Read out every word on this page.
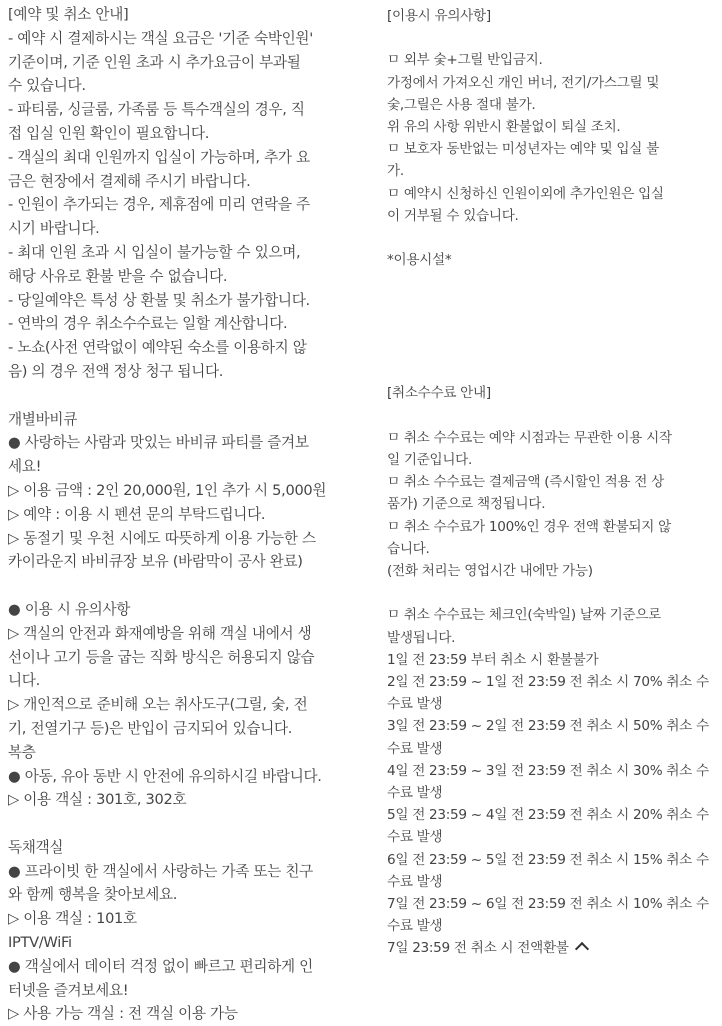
[예약 및 취소 안내]
- 예약 시 결제하시는 객실 요금은 '기준 숙박인원'
기준이며, 기준 인원 초과 시 추가요금이 부과될
수 있습니다.
- 파티룸, 싱글룸, 가족룸 등 특수객실의 경우, 직
접 입실 인원 확인이 필요합니다.
- 객실의 최대 인원까지 입실이 가능하며, 추가 요
금은 현장에서 결제해 주시기 바랍니다.
- 인원이 추가되는 경우, 제휴점에 미리 연락을 주
시기 바랍니다.
- 최대 인원 초과 시 입실이 불가능할 수 있으며,
해당 사유로 환불 받을 수 없습니다.
- 당일예약은 특성 상 환불 및 취소가 불가합니다.
- 연박의 경우 취소수수료는 일할 계산합니다.
- 노쇼(사전 연락없이 예약된 숙소를 이용하지 않
음) 의 경우 전액 정상 청구 됩니다.
개별바비큐
● 사랑하는 사람과 맛있는 바비큐 파티를 즐겨보
세요!
▷ 이용 금액 : 2인 20,000원, 1인 추가 시 5,000원
▷ 예약 : 이용 시 펜션 문의 부탁드립니다.
▷ 동절기 및 우천 시에도 따뜻하게 이용 가능한 스
카이라운지 바비큐장 보유 (바람막이 공사 완료)
● 이용 시 유의사항
▷ 객실의 안전과 화재예방을 위해 객실 내에서 생
선이나 고기 등을 굽는 직화 방식은 허용되지 않습
니다.
▷ 개인적으로 준비해 오는 취사도구(그릴, 숯, 전
기, 전열기구 등)은 반입이 금지되어 있습니다.
복층
● 아동, 유아 동반 시 안전에 유의하시길 바랍니다.
▷ 이용 객실 : 301호, 302호
독채객실
● 프라이빗 한 객실에서 사랑하는 가족 또는 친구
와 함께 행복을 찾아보세요.
▷ 이용 객실 : 101호
IPTV/WiFi
● 객실에서 데이터 걱정 없이 빠르고 편리하게 인
터넷을 즐겨보세요!
▷ 사용 가능 객실 : 전 객실 이용 가능
[이용시 유의사항]
ㅁ 외부 숯+그릴 반입금지.
가정에서 가져오신 개인 버너, 전기/가스그릴 및
숯,그릴은 사용 절대 불가.
위 유의 사항 위반시 환불없이 퇴실 조치.
ㅁ 보호자 동반없는 미성년자는 예약 및 입실 불
가.
ㅁ 예약시 신청하신 인원이외에 추가인원은 입실
이 거부될 수 있습니다.
*이용시설*
[취소수수료 안내]
ㅁ 취소 수수료는 예약 시점과는 무관한 이용 시작
일 기준입니다.
ㅁ 취소 수수료는 결제금액 (즉시할인 적용 전 상
품가) 기준으로 책정됩니다.
ㅁ 취소 수수료가 100%인 경우 전액 환불되지 않
습니다.
(전화 처리는 영업시간 내에만 가능)
ㅁ 취소 수수료는 체크인(숙박일) 날짜 기준으로
발생됩니다.
1일 전 23:59 부터 취소 시 환불불가
2일 전 23:59 ~ 1일 전 23:59 전 취소 시 70% 취소 수
수료 발생
3일 전 23:59 ~ 2일 전 23:59 전 취소 시 50% 취소 수
수료 발생
4일 전 23:59 ~ 3일 전 23:59 전 취소 시 30% 취소 수
수료 발생
5일 전 23:59 ~ 4일 전 23:59 전 취소 시 20% 취소 수
수료 발생
6일 전 23:59 ~ 5일 전 23:59 전 취소 시 15% 취소 수
수료 발생
7일 전 23:59 ~ 6일 전 23:59 전 취소 시 10% 취소 수
수료 발생
7일 23:59 전 취소 시 전액환불
